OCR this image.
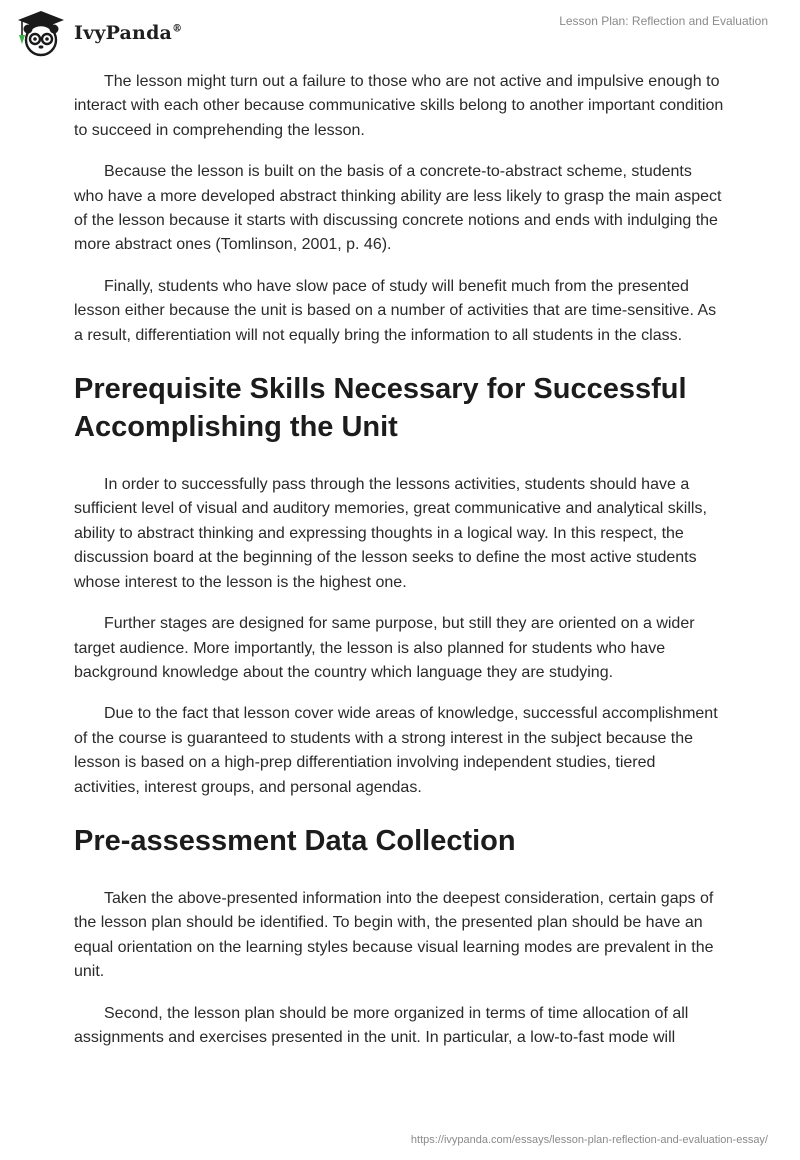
IvyPanda®
Lesson Plan: Reflection and Evaluation

The lesson might turn out a failure to those who are not active and impulsive enough to interact with each other because communicative skills belong to another important condition to succeed in comprehending the lesson.

Because the lesson is built on the basis of a concrete-to-abstract scheme, students who have a more developed abstract thinking ability are less likely to grasp the main aspect of the lesson because it starts with discussing concrete notions and ends with indulging the more abstract ones (Tomlinson, 2001, p. 46).

Finally, students who have slow pace of study will benefit much from the presented lesson either because the unit is based on a number of activities that are time-sensitive. As a result, differentiation will not equally bring the information to all students in the class.

Prerequisite Skills Necessary for Successful Accomplishing the Unit

In order to successfully pass through the lessons activities, students should have a sufficient level of visual and auditory memories, great communicative and analytical skills, ability to abstract thinking and expressing thoughts in a logical way. In this respect, the discussion board at the beginning of the lesson seeks to define the most active students whose interest to the lesson is the highest one.

Further stages are designed for same purpose, but still they are oriented on a wider target audience. More importantly, the lesson is also planned for students who have background knowledge about the country which language they are studying.

Due to the fact that lesson cover wide areas of knowledge, successful accomplishment of the course is guaranteed to students with a strong interest in the subject because the lesson is based on a high-prep differentiation involving independent studies, tiered activities, interest groups, and personal agendas.

Pre-assessment Data Collection

Taken the above-presented information into the deepest consideration, certain gaps of the lesson plan should be identified. To begin with, the presented plan should be have an equal orientation on the learning styles because visual learning modes are prevalent in the unit.

Second, the lesson plan should be more organized in terms of time allocation of all assignments and exercises presented in the unit. In particular, a low-to-fast mode will

https://ivypanda.com/essays/lesson-plan-reflection-and-evaluation-essay/
